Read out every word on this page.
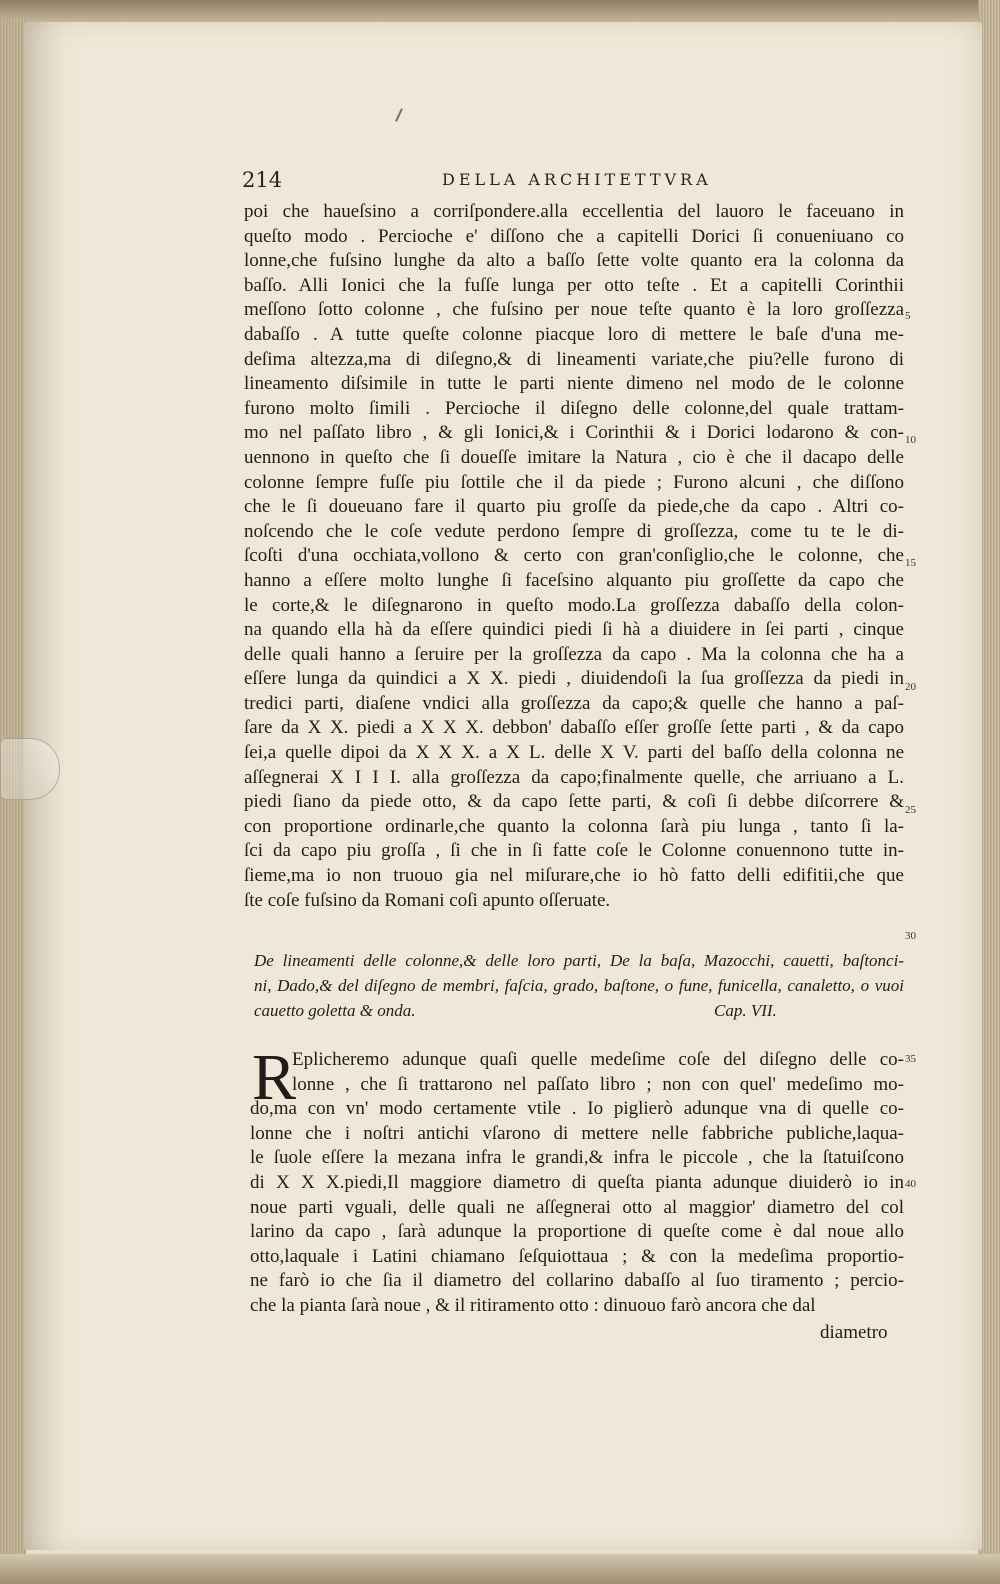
214	DELLA ARCHITETTVRA
poi che haueſsino a corriſpondere.alla eccellentia del lauoro le faceuano in
queſto modo . Percioche e' diſſono che a capitelli Dorici ſi conueniuano co
lonne,che fuſsino lunghe da alto a baſſo ſette volte quanto era la colonna da
baſſo. Alli Ionici che la fuſſe lunga per otto teſte . Et a capitelli Corinthii
meſſono ſotto colonne , che fuſsino per noue teſte quanto è la loro groſſezza
dabaſſo . A tutte queſte colonne piacque loro di mettere le baſe d'una me-
deſima altezza,ma di diſegno,& di lineamenti variate,che piu?elle furono di
lineamento diſsimile in tutte le parti niente dimeno nel modo de le colonne
furono molto ſimili . Percioche il diſegno delle colonne,del quale trattam-
mo nel paſſato libro , & gli Ionici,& i Corinthii & i Dorici lodarono & con-
uennono in queſto che ſi doueſſe imitare la Natura , cio è che il dacapo delle
colonne ſempre fuſſe piu ſottile che il da piede ; Furono alcuni , che diſſono
che le ſi doueuano fare il quarto piu groſſe da piede,che da capo . Altri co-
noſcendo che le coſe vedute perdono ſempre di groſſezza, come tu te le di-
ſcoſti d'una occhiata,vollono & certo con gran'conſiglio,che le colonne, che
hanno a eſſere molto lunghe ſi faceſsino alquanto piu groſſette da capo che
le corte,& le diſegnarono in queſto modo.La groſſezza dabaſſo della colon-
na quando ella hà da eſſere quindici piedi ſi hà a diuidere in ſei parti , cinque
delle quali hanno a ſeruire per la groſſezza da capo . Ma la colonna che ha a
eſſere lunga da quindici a X X. piedi , diuidendoſi la ſua groſſezza da piedi in
tredici parti, diaſene vndici alla groſſezza da capo;& quelle che hanno a paſ-
ſare da X X. piedi a X X X. debbon' dabaſſo eſſer groſſe ſette parti , & da capo
ſei,a quelle dipoi da X X X. a X L. delle X V. parti del baſſo della colonna ne
aſſegnerai X I I I. alla groſſezza da capo;finalmente quelle, che arriuano a L.
piedi ſiano da piede otto, & da capo ſette parti, & coſi ſi debbe diſcorrere &
con proportione ordinarle,che quanto la colonna ſarà piu lunga , tanto ſi la-
ſci da capo piu groſſa , ſi che in ſi fatte coſe le Colonne conuennono tutte in-
ſieme,ma io non truouo gia nel miſurare,che io hò fatto delli edifitii,che que
ſte coſe fuſsino da Romani coſi apunto oſſeruate.
5
10
15
20
25
30
35
40
Cap. VII.
De lineamenti delle colonne,& delle loro parti, De la baſa, Mazocchi, cauetti, baſtonci-
ni, Dado,& del diſegno de membri, faſcia, grado, baſtone, o fune, funicella, canaletto, o vuoi
cauetto goletta & onda.
R
Eplicheremo adunque quaſi quelle medeſime coſe del diſegno delle co-
lonne , che ſi trattarono nel paſſato libro ; non con quel' medeſimo mo-
do,ma con vn' modo certamente vtile . Io piglierò adunque vna di quelle co-
lonne che i noſtri antichi vſarono di mettere nelle fabbriche publiche,laqua-
le ſuole eſſere la mezana infra le grandi,& infra le piccole , che la ſtatuiſcono
di X X X.piedi,Il maggiore diametro di queſta pianta adunque diuiderò io in
noue parti vguali, delle quali ne aſſegnerai otto al maggior' diametro del col
larino da capo , ſarà adunque la proportione di queſte come è dal noue allo
otto,laquale i Latini chiamano ſeſquiottaua ; & con la medeſima proportio-
ne farò io che ſia il diametro del collarino dabaſſo al ſuo tiramento ; percio-
che la pianta ſarà noue , & il ritiramento otto : dinuouo farò ancora che dal
diametro
